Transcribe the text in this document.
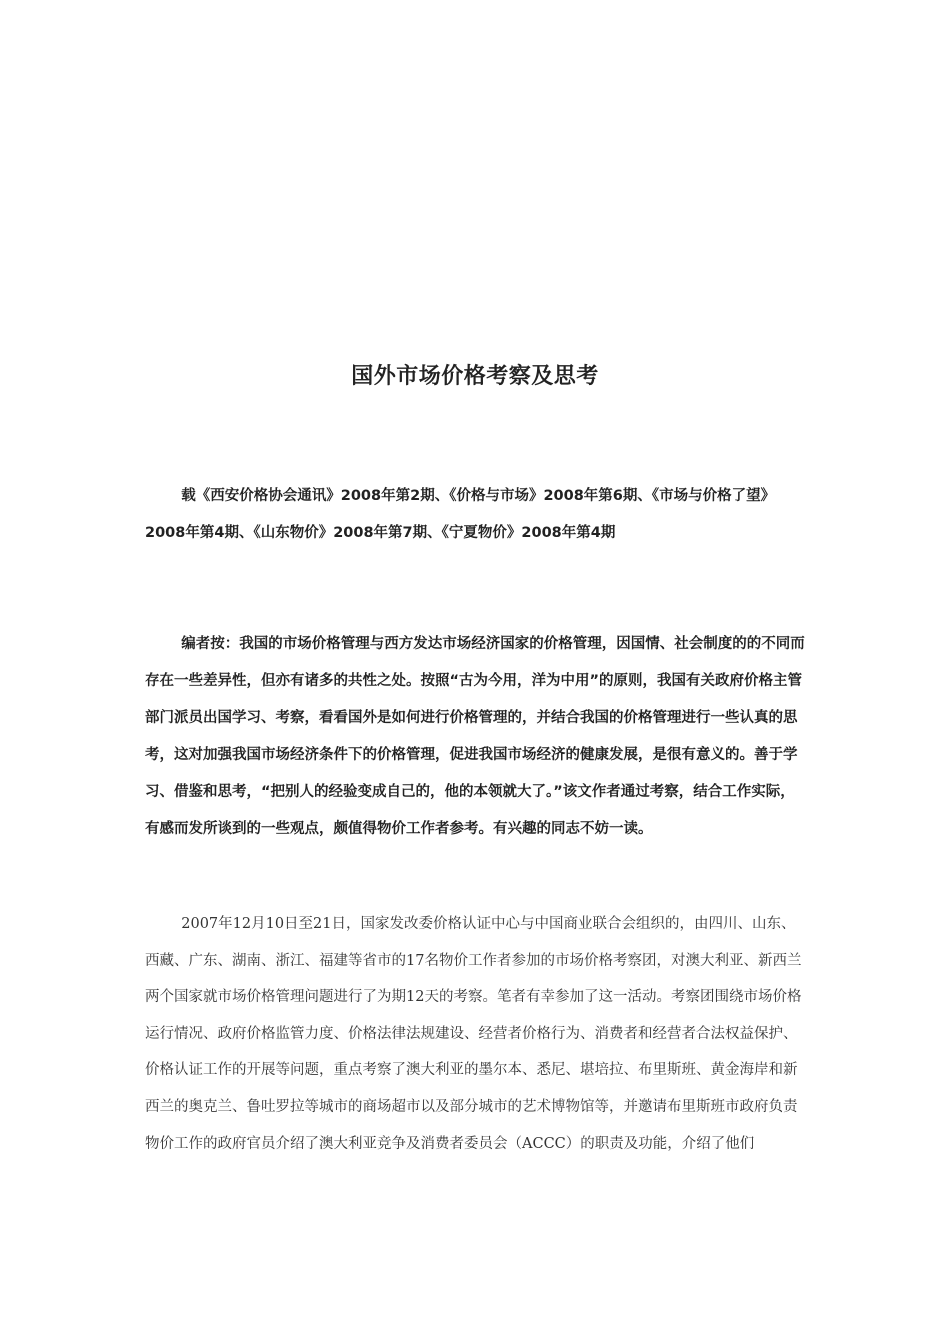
国外市场价格考察及思考

载《西安价格协会通讯》2008年第2期、《价格与市场》2008年第6期、《市场与价格了望》2008年第4期、《山东物价》2008年第7期、《宁夏物价》2008年第4期

编者按：我国的市场价格管理与西方发达市场经济国家的价格管理，因国情、社会制度的的不同而存在一些差异性，但亦有诸多的共性之处。按照“古为今用，洋为中用”的原则，我国有关政府价格主管部门派员出国学习、考察，看看国外是如何进行价格管理的，并结合我国的价格管理进行一些认真的思考，这对加强我国市场经济条件下的价格管理，促进我国市场经济的健康发展，是很有意义的。善于学习、借鉴和思考，“把别人的经验变成自己的，他的本领就大了。”该文作者通过考察，结合工作实际，有感而发所谈到的一些观点，颇值得物价工作者参考。有兴趣的同志不妨一读。

2007年12月10日至21日，国家发改委价格认证中心与中国商业联合会组织的，由四川、山东、西藏、广东、湖南、浙江、福建等省市的17名物价工作者参加的市场价格考察团，对澳大利亚、新西兰两个国家就市场价格管理问题进行了为期12天的考察。笔者有幸参加了这一活动。考察团围绕市场价格运行情况、政府价格监管力度、价格法律法规建设、经营者价格行为、消费者和经营者合法权益保护、价格认证工作的开展等问题，重点考察了澳大利亚的墨尔本、悉尼、堪培拉、布里斯班、黄金海岸和新西兰的奥克兰、鲁吐罗拉等城市的商场超市以及部分城市的艺术博物馆等，并邀请布里斯班市政府负责物价工作的政府官员介绍了澳大利亚竞争及消费者委员会（ACCC）的职责及功能，介绍了他们
